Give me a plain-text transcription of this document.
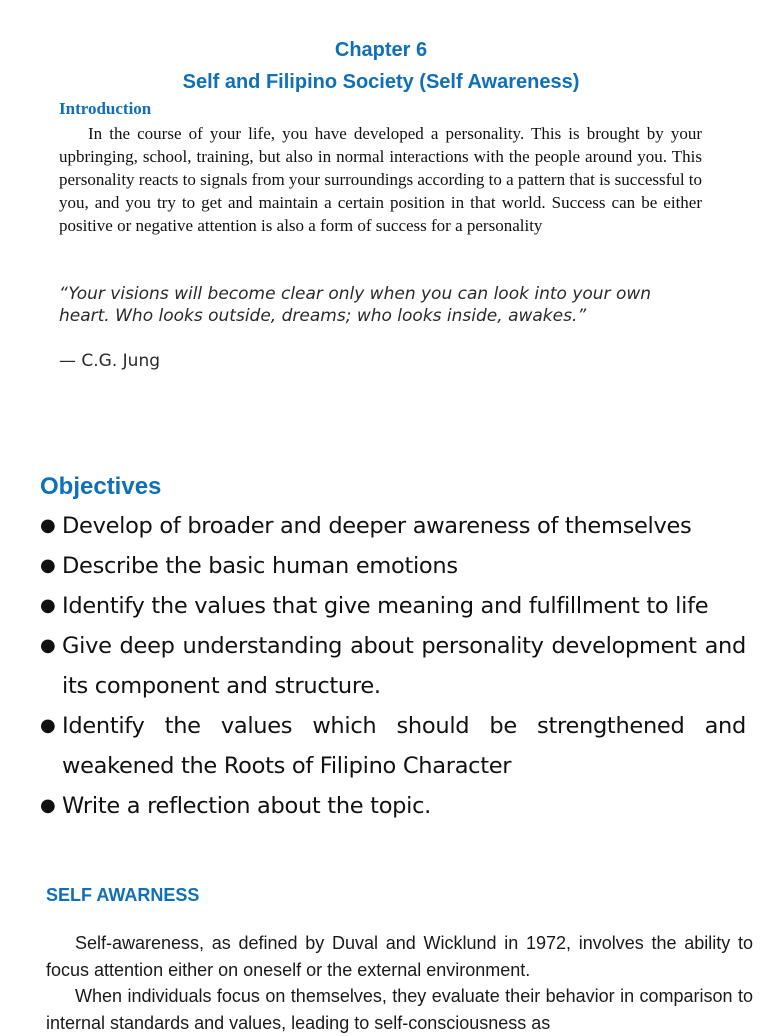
Chapter 6
Self and Filipino Society (Self Awareness)
Introduction

In the course of your life, you have developed a personality. This is brought by your upbringing, school, training, but also in normal interactions with the people around you. This personality reacts to signals from your surroundings according to a pattern that is successful to you, and you try to get and maintain a certain position in that world. Success can be either positive or negative attention is also a form of success for a personality

“Your visions will become clear only when you can look into your own heart. Who looks outside, dreams; who looks inside, awakes.”

— C.G. Jung
Objectives
● Develop of broader and deeper awareness of themselves
● Describe the basic human emotions
● Identify the values that give meaning and fulfillment to life
● Give deep understanding about personality development and its component and structure.
● Identify the values which should be strengthened and weakened the Roots of Filipino Character
● Write a reflection about the topic.
SELF AWARNESS

Self-awareness, as defined by Duval and Wicklund in 1972, involves the ability to focus attention either on oneself or the external environment.

When individuals focus on themselves, they evaluate their behavior in comparison to internal standards and values, leading to self-consciousness as
